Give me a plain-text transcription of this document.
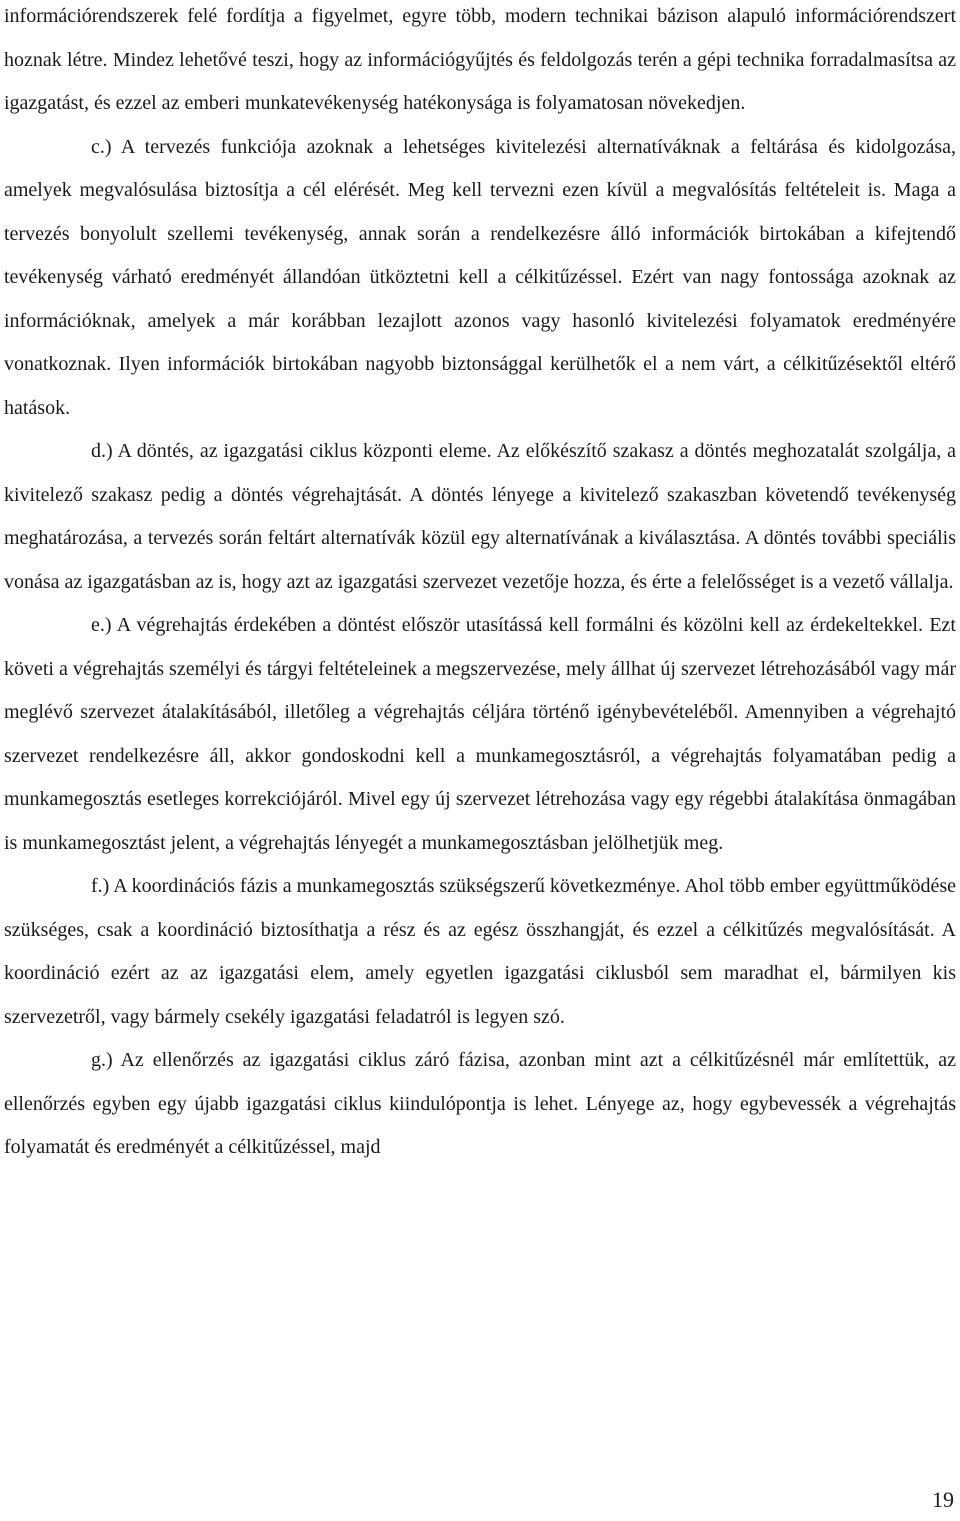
információrendszerek felé fordítja a figyelmet, egyre több, modern technikai bázison alapuló információrendszert hoznak létre. Mindez lehetővé teszi, hogy az információgyűjtés és feldolgozás terén a gépi technika forradalmasítsa az igazgatást, és ezzel az emberi munkatevékenység hatékonysága is folyamatosan növekedjen.

c.) A tervezés funkciója azoknak a lehetséges kivitelezési alternatíváknak a feltárása és kidolgozása, amelyek megvalósulása biztosítja a cél elérését. Meg kell tervezni ezen kívül a megvalósítás feltételeit is. Maga a tervezés bonyolult szellemi tevékenység, annak során a rendelkezésre álló információk birtokában a kifejtendő tevékenység várható eredményét állandóan ütköztetni kell a célkitűzéssel. Ezért van nagy fontossága azoknak az információknak, amelyek a már korábban lezajlott azonos vagy hasonló kivitelezési folyamatok eredményére vonatkoznak. Ilyen információk birtokában nagyobb biztonsággal kerülhetők el a nem várt, a célkitűzésektől eltérő hatások.

d.) A döntés, az igazgatási ciklus központi eleme. Az előkészítő szakasz a döntés meghozatalát szolgálja, a kivitelező szakasz pedig a döntés végrehajtását. A döntés lényege a kivitelező szakaszban követendő tevékenység meghatározása, a tervezés során feltárt alternatívák közül egy alternatívának a kiválasztása. A döntés további speciális vonása az igazgatásban az is, hogy azt az igazgatási szervezet vezetője hozza, és érte a felelősséget is a vezető vállalja.

e.) A végrehajtás érdekében a döntést először utasítássá kell formálni és közölni kell az érdekeltekkel. Ezt követi a végrehajtás személyi és tárgyi feltételeinek a megszervezése, mely állhat új szervezet létrehozásából vagy már meglévő szervezet átalakításából, illetőleg a végrehajtás céljára történő igénybevételéből. Amennyiben a végrehajtó szervezet rendelkezésre áll, akkor gondoskodni kell a munkamegosztásról, a végrehajtás folyamatában pedig a munkamegosztás esetleges korrekciójáról. Mivel egy új szervezet létrehozása vagy egy régebbi átalakítása önmagában is munkamegosztást jelent, a végrehajtás lényegét a munkamegosztásban jelölhetjük meg.

f.) A koordinációs fázis a munkamegosztás szükségszerű következménye. Ahol több ember együttműködése szükséges, csak a koordináció biztosíthatja a rész és az egész összhangját, és ezzel a célkitűzés megvalósítását. A koordináció ezért az az igazgatási elem, amely egyetlen igazgatási ciklusból sem maradhat el, bármilyen kis szervezetről, vagy bármely csekély igazgatási feladatról is legyen szó.

g.) Az ellenőrzés az igazgatási ciklus záró fázisa, azonban mint azt a célkitűzésnél már említettük, az ellenőrzés egyben egy újabb igazgatási ciklus kiindulópontja is lehet. Lényege az, hogy egybevessék a végrehajtás folyamatát és eredményét a célkitűzéssel, majd

19
